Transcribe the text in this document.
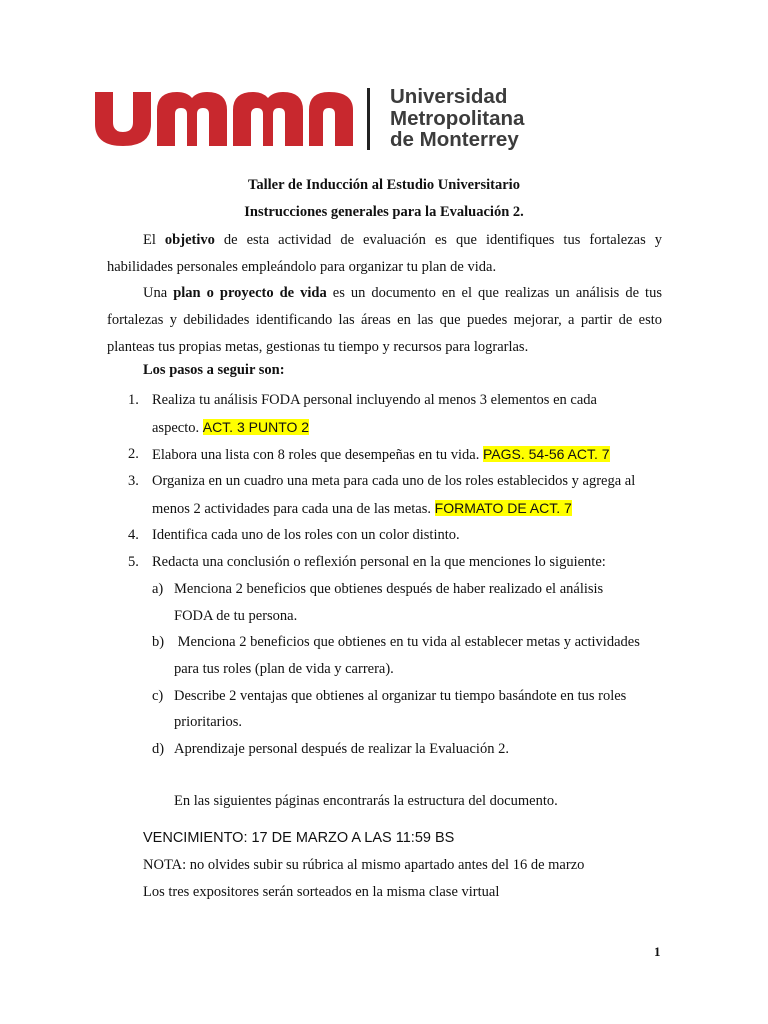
Universidad
Metropolitana
de Monterrey
Taller de Inducción al Estudio Universitario
Instrucciones generales para la Evaluación 2.
El objetivo de esta actividad de evaluación es que identifiques tus fortalezas y habilidades personales empleándolo para organizar tu plan de vida.
Una plan o proyecto de vida es un documento en el que realizas un análisis de tus fortalezas y debilidades identificando las áreas en las que puedes mejorar, a partir de esto planteas tus propias metas, gestionas tu tiempo y recursos para lograrlas.
Los pasos a seguir son:
1. Realiza tu análisis FODA personal incluyendo al menos 3 elementos en cada
aspecto. ACT. 3 PUNTO 2
2. Elabora una lista con 8 roles que desempeñas en tu vida. PAGS. 54-56 ACT. 7
3. Organiza en un cuadro una meta para cada uno de los roles establecidos y agrega al
menos 2 actividades para cada una de las metas. FORMATO DE ACT. 7
4. Identifica cada uno de los roles con un color distinto.
5. Redacta una conclusión o reflexión personal en la que menciones lo siguiente:
a) Menciona 2 beneficios que obtienes después de haber realizado el análisis
FODA de tu persona.
b) Menciona 2 beneficios que obtienes en tu vida al establecer metas y actividades
para tus roles (plan de vida y carrera).
c) Describe 2 ventajas que obtienes al organizar tu tiempo basándote en tus roles
prioritarios.
d) Aprendizaje personal después de realizar la Evaluación 2.
En las siguientes páginas encontrarás la estructura del documento.
VENCIMIENTO: 17 DE MARZO A LAS 11:59 BS
NOTA: no olvides subir su rúbrica al mismo apartado antes del 16 de marzo
Los tres expositores serán sorteados en la misma clase virtual
1
